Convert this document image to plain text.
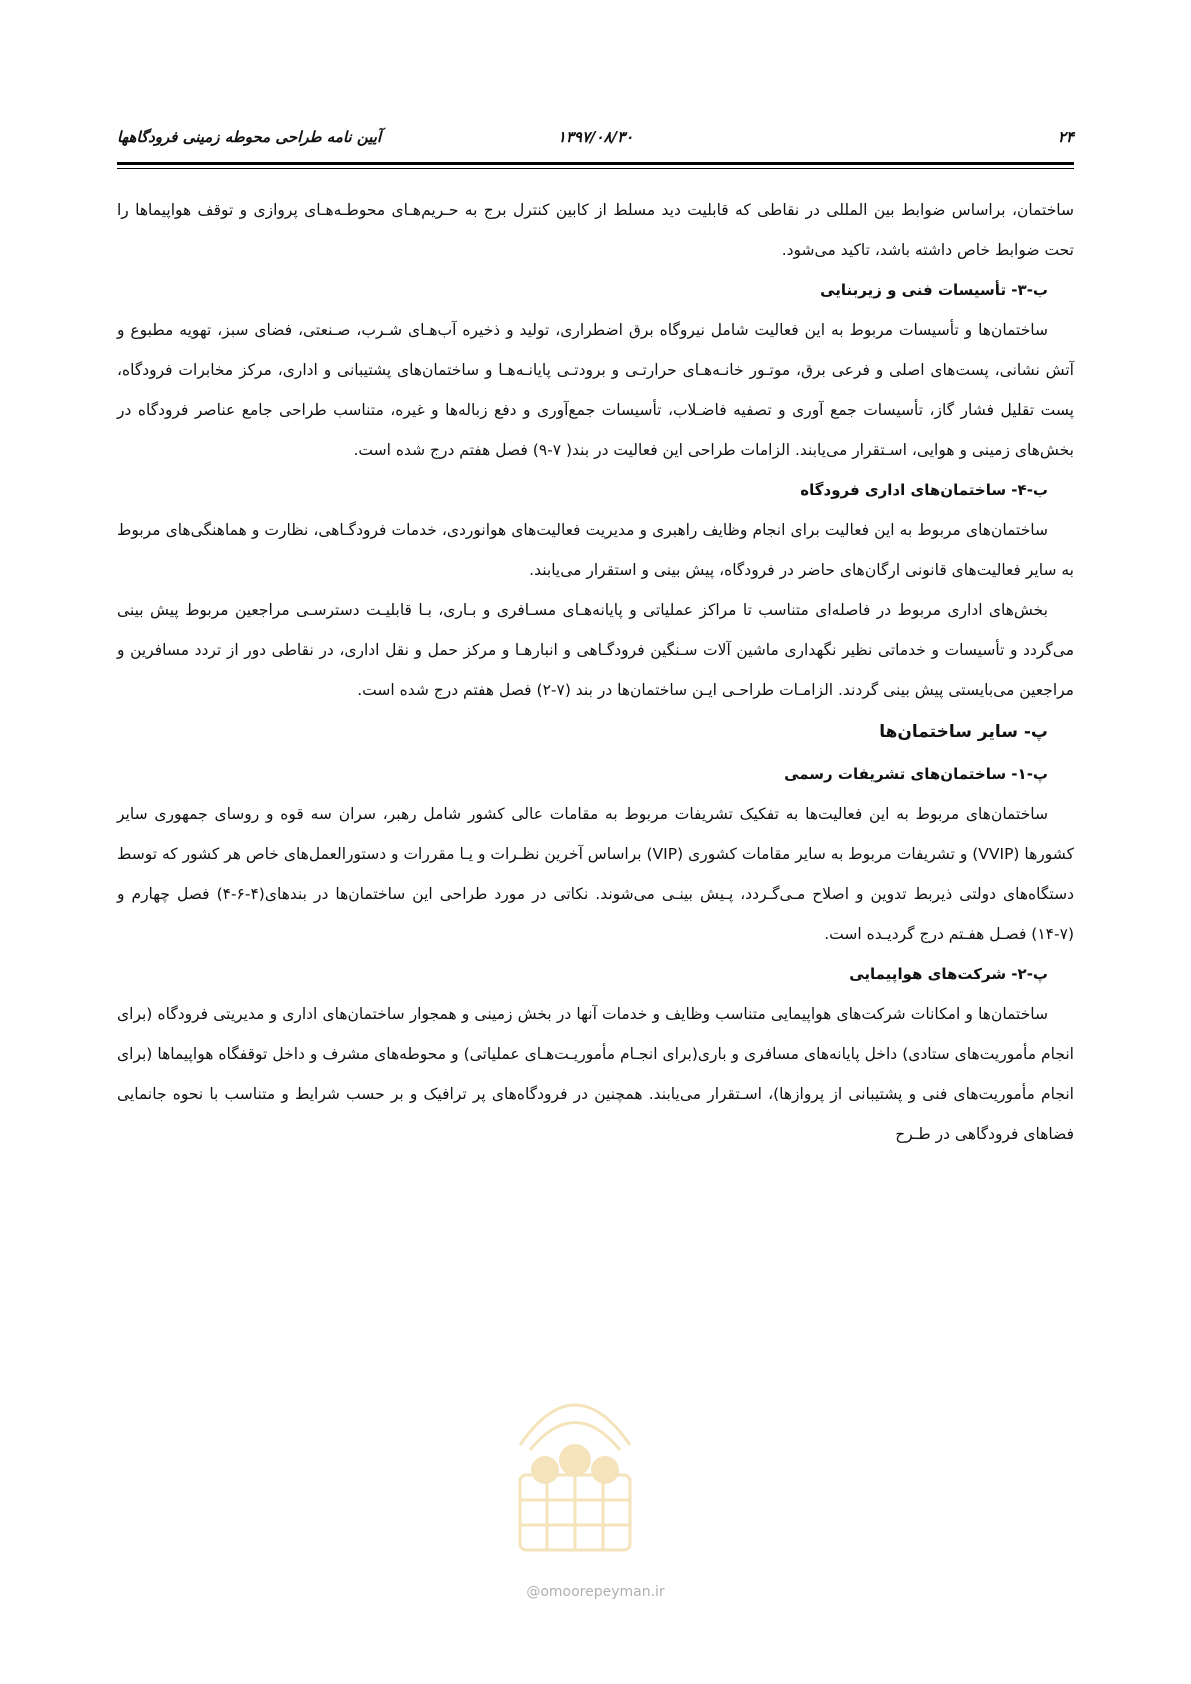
۲۴
۱۳۹۷/۰۸/۳۰
آیین نامه طراحی محوطه زمینی فرودگاهها

ساختمان، براساس ضوابط بین المللی در نقاطی که قابلیت دید مسلط از کابین کنترل برج به حـریم‌هـای محوطـه‌هـای پروازی و توقف هواپیماها را تحت ضوابط خاص داشته باشد، تاکید می‌شود.

ب-۳- تأسیسات فنی و زیربنایی

ساختمان‌ها و تأسیسات مربوط به این فعالیت شامل نیروگاه برق اضطراری، تولید و ذخیره آب‌هـای شـرب، صـنعتی، فضای سبز، تهویه مطبوع و آتش نشانی، پست‌های اصلی و فرعی برق، موتـور خانـه‌هـای حرارتـی و برودتـی پایانـه‌هـا و ساختمان‌های پشتیبانی و اداری، مرکز مخابرات فرودگاه، پست تقلیل فشار گاز، تأسیسات جمع آوری و تصفیه فاضـلاب، تأسیسات جمع‌آوری و دفع زباله‌ها و غیره، متناسب طراحی جامع عناصر فرودگاه در بخش‌های زمینی و هوایی، اسـتقرار می‌یابند. الزامات طراحی این فعالیت در بند( ۷-۹) فصل هفتم درج شده است.

ب-۴- ساختمان‌های اداری فرودگاه

ساختمان‌های مربوط به این فعالیت برای انجام وظایف راهبری و مدیریت فعالیت‌های هوانوردی، خدمات فرودگـاهی، نظارت و هماهنگی‌های مربوط به سایر فعالیت‌های قانونی ارگان‌های حاضر در فرودگاه، پیش بینی و استقرار می‌یابند.

بخش‌های اداری مربوط در فاصله‌ای متناسب تا مراکز عملیاتی و پایانه‌هـای مسـافری و بـاری، بـا قابلیـت دسترسـی مراجعین مربوط پیش بینی می‌گردد و تأسیسات و خدماتی نظیر نگهداری ماشین آلات سـنگین فرودگـاهی و انبارهـا و مرکز حمل و نقل اداری، در نقاطی دور از تردد مسافرین و مراجعین می‌بایستی پیش بینی گردند. الزامـات طراحـی ایـن ساختمان‌ها در بند (۷-۲) فصل هفتم درج شده است.

پ- سایر ساختمان‌ها
پ-۱- ساختمان‌های تشریفات رسمی

ساختمان‌های مربوط به این فعالیت‌ها به تفکیک تشریفات مربوط به مقامات عالی کشور شامل رهبر، سران سه قوه و روسای جمهوری سایر کشورها (VVIP) و تشریفات مربوط به سایر مقامات کشوری (VIP) براساس آخرین نظـرات و یـا مقررات و دستورالعمل‌های خاص هر کشور که توسط دستگاه‌های دولتی ذیربط تدوین و اصلاح مـی‌گـردد، پـیش بینـی می‌شوند. نکاتی در مورد طراحی این ساختمان‌ها در بندهای(۴-۶-۴) فصل چهارم و (۷-۱۴) فصـل هفـتم درج گردیـده است.

پ-۲- شرکت‌های هواپیمایی

ساختمان‌ها و امکانات شرکت‌های هواپیمایی متناسب وظایف و خدمات آنها در بخش زمینی و همجوار ساختمان‌های اداری و مدیریتی فرودگاه (برای انجام مأموریت‌های ستادی) داخل پایانه‌های مسافری و باری(برای انجـام مأموریـت‌هـای عملیاتی) و محوطه‌های مشرف و داخل توقفگاه هواپیماها (برای انجام مأموریت‌های فنی و پشتیبانی از پروازها)، اسـتقرار می‌یابند. همچنین در فرودگاه‌های پر ترافیک و بر حسب شرایط و متناسب با نحوه جانمایی فضاهای فرودگاهی در طـرح

@omoorepeyman.ir
